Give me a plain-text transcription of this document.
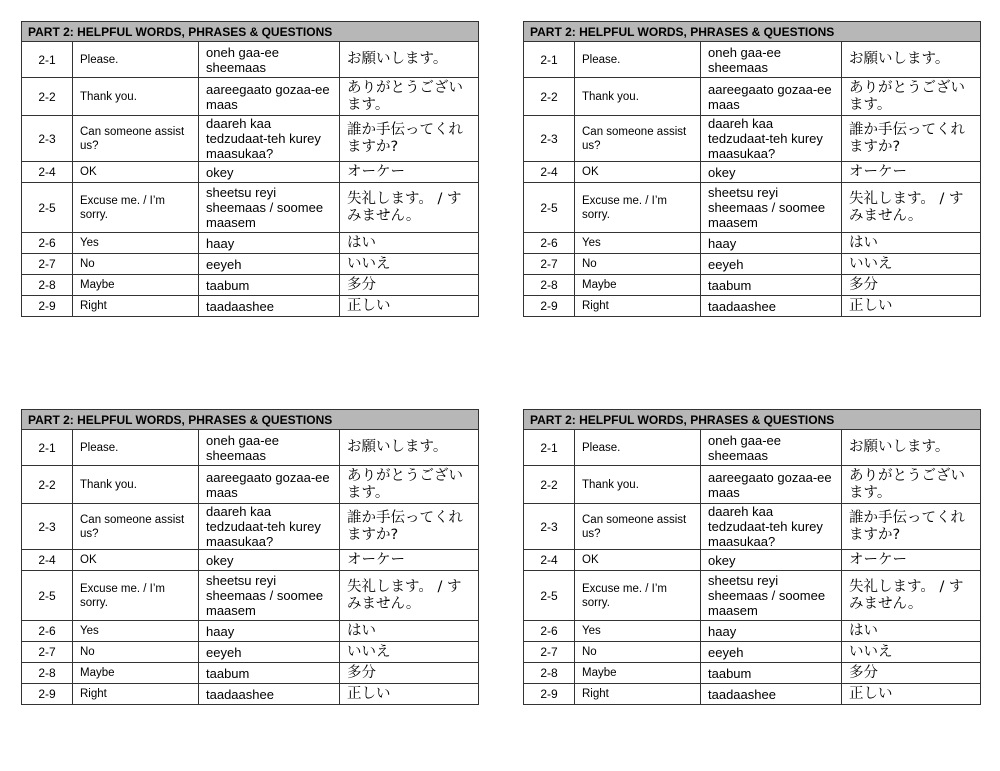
PART 2: HELPFUL WORDS, PHRASES & QUESTIONS			
2-1	Please.	oneh gaa-ee sheemaas	お願いします。
2-2	Thank you.	aareegaato gozaa-ee maas	ありがとうございます。
2-3	Can someone assist us?	daareh kaa tedzudaat-teh kurey maasukaa?	誰か手伝ってくれますか?
2-4	OK	okey	オーケー
2-5	Excuse me. / I’m sorry.	sheetsu reyi sheemaas / soomee maasem	失礼します。 / すみません。
2-6	Yes	haay	はい
2-7	No	eeyeh	いいえ
2-8	Maybe	taabum	多分
2-9	Right	taadaashee	正しい
PART 2: HELPFUL WORDS, PHRASES & QUESTIONS			
2-1	Please.	oneh gaa-ee sheemaas	お願いします。
2-2	Thank you.	aareegaato gozaa-ee maas	ありがとうございます。
2-3	Can someone assist us?	daareh kaa tedzudaat-teh kurey maasukaa?	誰か手伝ってくれますか?
2-4	OK	okey	オーケー
2-5	Excuse me. / I’m sorry.	sheetsu reyi sheemaas / soomee maasem	失礼します。 / すみません。
2-6	Yes	haay	はい
2-7	No	eeyeh	いいえ
2-8	Maybe	taabum	多分
2-9	Right	taadaashee	正しい
PART 2: HELPFUL WORDS, PHRASES & QUESTIONS			
2-1	Please.	oneh gaa-ee sheemaas	お願いします。
2-2	Thank you.	aareegaato gozaa-ee maas	ありがとうございます。
2-3	Can someone assist us?	daareh kaa tedzudaat-teh kurey maasukaa?	誰か手伝ってくれますか?
2-4	OK	okey	オーケー
2-5	Excuse me. / I’m sorry.	sheetsu reyi sheemaas / soomee maasem	失礼します。 / すみません。
2-6	Yes	haay	はい
2-7	No	eeyeh	いいえ
2-8	Maybe	taabum	多分
2-9	Right	taadaashee	正しい
PART 2: HELPFUL WORDS, PHRASES & QUESTIONS			
2-1	Please.	oneh gaa-ee sheemaas	お願いします。
2-2	Thank you.	aareegaato gozaa-ee maas	ありがとうございます。
2-3	Can someone assist us?	daareh kaa tedzudaat-teh kurey maasukaa?	誰か手伝ってくれますか?
2-4	OK	okey	オーケー
2-5	Excuse me. / I’m sorry.	sheetsu reyi sheemaas / soomee maasem	失礼します。 / すみません。
2-6	Yes	haay	はい
2-7	No	eeyeh	いいえ
2-8	Maybe	taabum	多分
2-9	Right	taadaashee	正しい
